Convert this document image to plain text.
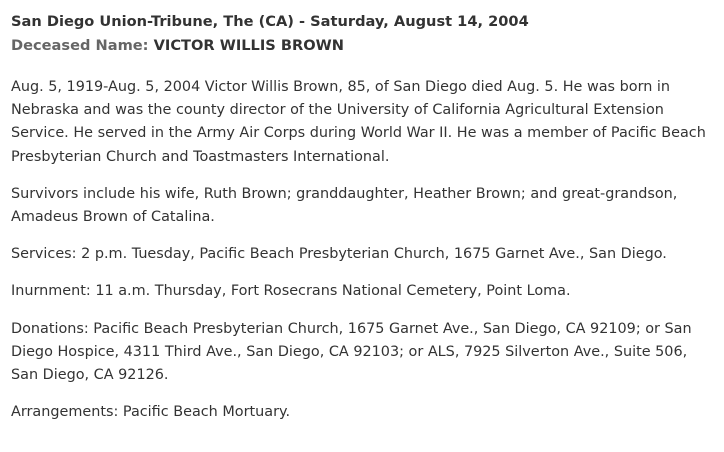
San Diego Union-Tribune, The (CA) - Saturday, August 14, 2004
Deceased Name: VICTOR WILLIS BROWN

Aug. 5, 1919-Aug. 5, 2004 Victor Willis Brown, 85, of San Diego died Aug. 5. He was born in Nebraska and was the county director of the University of California Agricultural Extension Service. He served in the Army Air Corps during World War II. He was a member of Pacific Beach Presbyterian Church and Toastmasters International.

Survivors include his wife, Ruth Brown; granddaughter, Heather Brown; and great-grandson, Amadeus Brown of Catalina.

Services: 2 p.m. Tuesday, Pacific Beach Presbyterian Church, 1675 Garnet Ave., San Diego.

Inurnment: 11 a.m. Thursday, Fort Rosecrans National Cemetery, Point Loma.

Donations: Pacific Beach Presbyterian Church, 1675 Garnet Ave., San Diego, CA 92109; or San Diego Hospice, 4311 Third Ave., San Diego, CA 92103; or ALS, 7925 Silverton Ave., Suite 506, San Diego, CA 92126.

Arrangements: Pacific Beach Mortuary.
